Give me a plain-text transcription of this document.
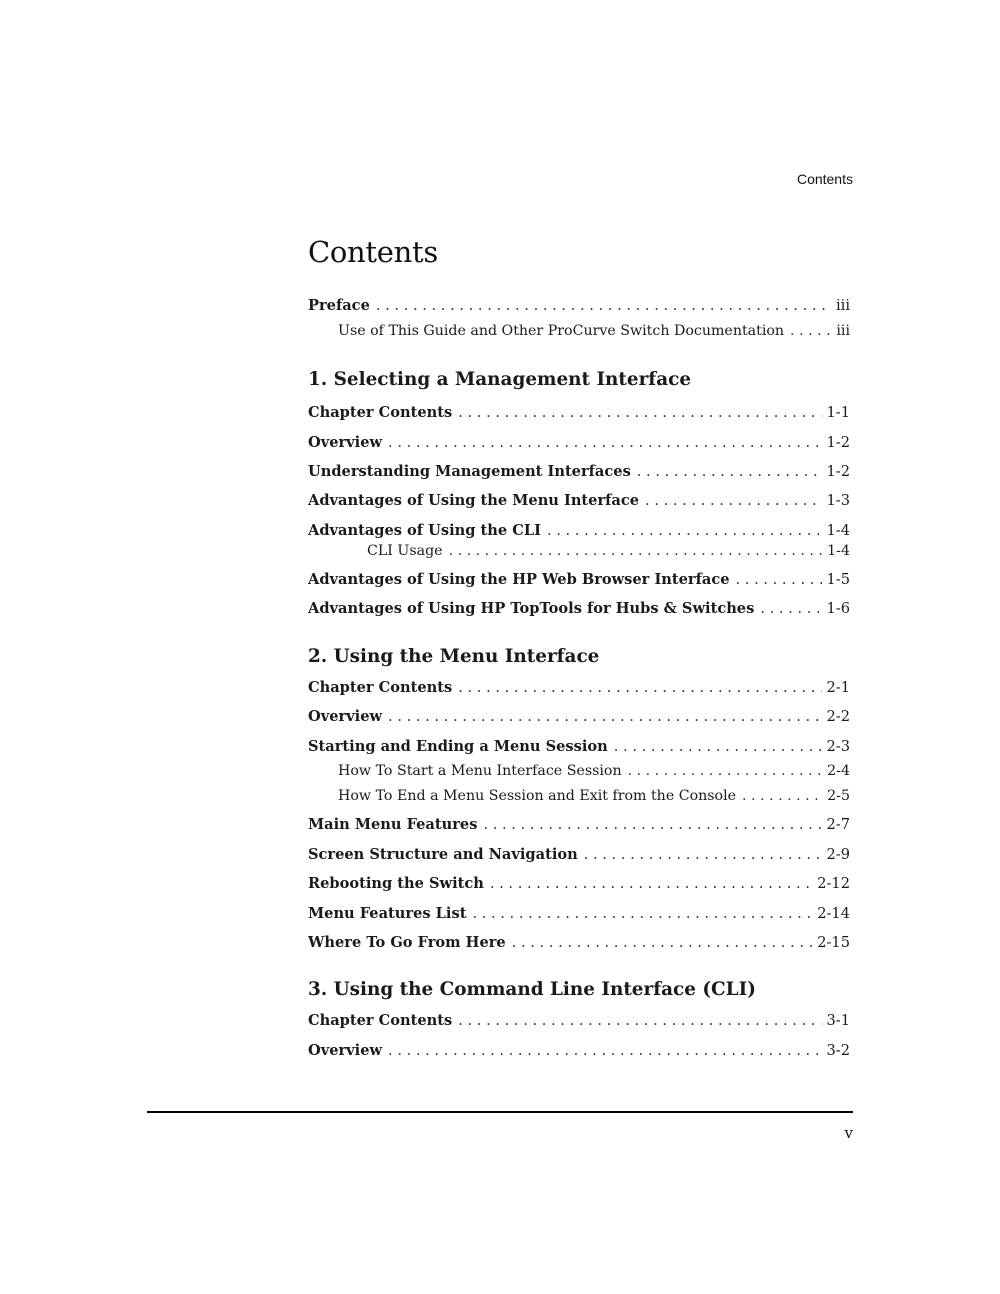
Contents
Contents
Preface . . .	iii
Use of This Guide and Other ProCurve Switch Documentation . . .	iii
1. Selecting a Management Interface
Chapter Contents . . .	1-1
Overview . . .	1-2
Understanding Management Interfaces . . .	1-2
Advantages of Using the Menu Interface . . .	1-3
Advantages of Using the CLI . . .	1-4
CLI Usage . . .	1-4
Advantages of Using the HP Web Browser Interface . . .	1-5
Advantages of Using HP TopTools for Hubs & Switches . . .	1-6
2. Using the Menu Interface
Chapter Contents . . .	2-1
Overview . . .	2-2
Starting and Ending a Menu Session . . .	2-3
How To Start a Menu Interface Session . . .	2-4
How To End a Menu Session and Exit from the Console . . .	2-5
Main Menu Features . . .	2-7
Screen Structure and Navigation . . .	2-9
Rebooting the Switch . . .	2-12
Menu Features List . . .	2-14
Where To Go From Here . . .	2-15
3. Using the Command Line Interface (CLI)
Chapter Contents . . .	3-1
Overview . . .	3-2
v
